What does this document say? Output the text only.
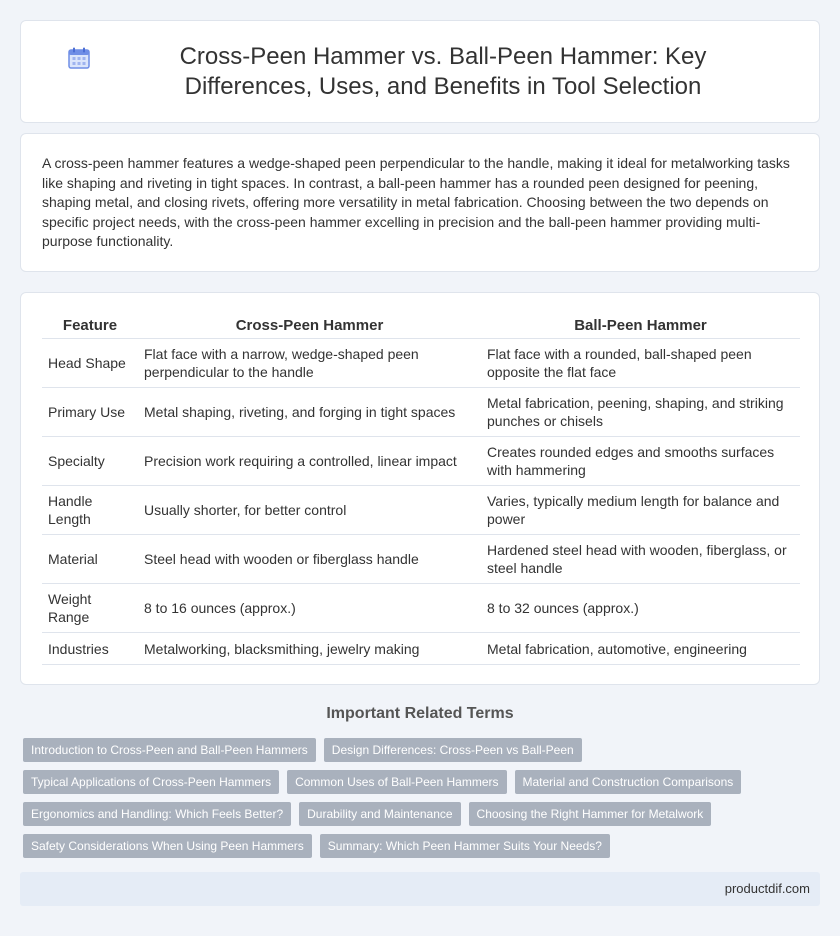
Cross-Peen Hammer vs. Ball-Peen Hammer: Key Differences, Uses, and Benefits in Tool Selection

A cross-peen hammer features a wedge-shaped peen perpendicular to the handle, making it ideal for metalworking tasks like shaping and riveting in tight spaces. In contrast, a ball-peen hammer has a rounded peen designed for peening, shaping metal, and closing rivets, offering more versatility in metal fabrication. Choosing between the two depends on specific project needs, with the cross-peen hammer excelling in precision and the ball-peen hammer providing multi-purpose functionality.

Feature	Cross-Peen Hammer	Ball-Peen Hammer
Head Shape	Flat face with a narrow, wedge-shaped peen perpendicular to the handle	Flat face with a rounded, ball-shaped peen opposite the flat face
Primary Use	Metal shaping, riveting, and forging in tight spaces	Metal fabrication, peening, shaping, and striking punches or chisels
Specialty	Precision work requiring a controlled, linear impact	Creates rounded edges and smooths surfaces with hammering
Handle Length	Usually shorter, for better control	Varies, typically medium length for balance and power
Material	Steel head with wooden or fiberglass handle	Hardened steel head with wooden, fiberglass, or steel handle
Weight Range	8 to 16 ounces (approx.)	8 to 32 ounces (approx.)
Industries	Metalworking, blacksmithing, jewelry making	Metal fabrication, automotive, engineering
Important Related Terms
Introduction to Cross-Peen and Ball-Peen Hammers	Design Differences: Cross-Peen vs Ball-Peen
Typical Applications of Cross-Peen Hammers	Common Uses of Ball-Peen Hammers	Material and Construction Comparisons
Ergonomics and Handling: Which Feels Better?	Durability and Maintenance	Choosing the Right Hammer for Metalwork
Safety Considerations When Using Peen Hammers	Summary: Which Peen Hammer Suits Your Needs?
productdif.com
